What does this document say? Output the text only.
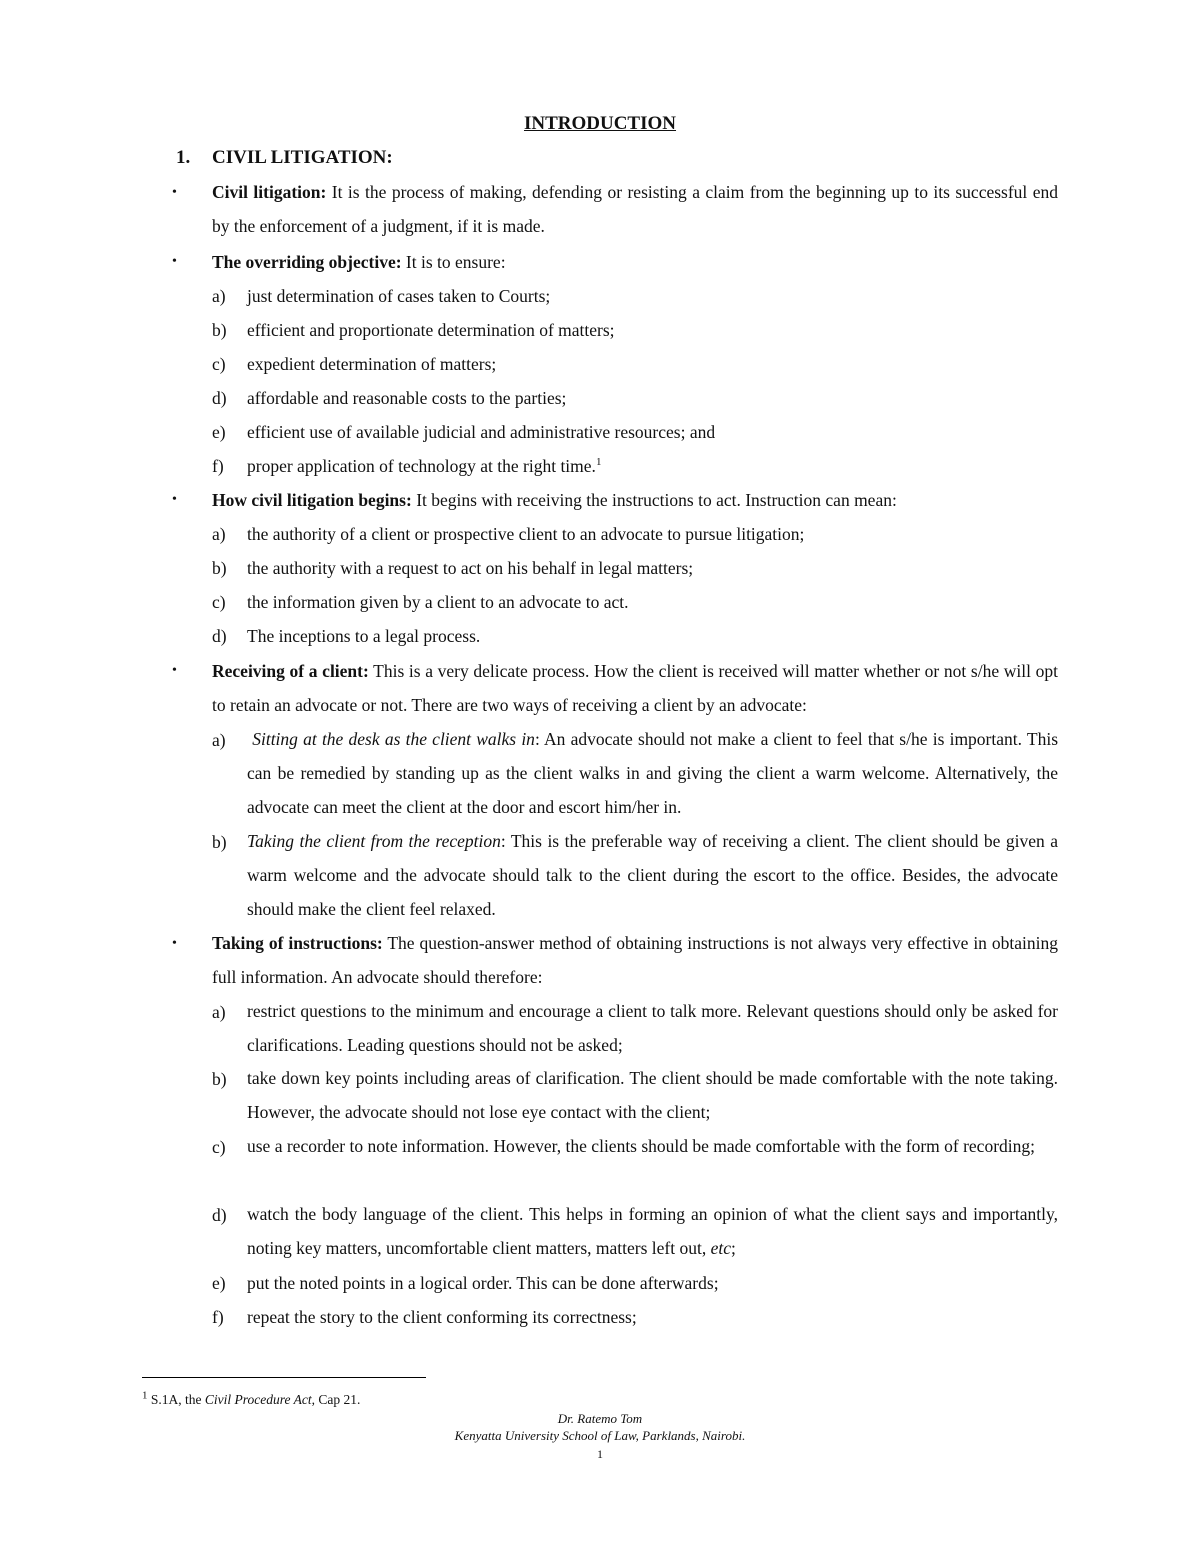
INTRODUCTION
1.	CIVIL LITIGATION:
• Civil litigation: It is the process of making, defending or resisting a claim from the beginning up to its successful end by the enforcement of a judgment, if it is made.
• The overriding objective: It is to ensure:
a) just determination of cases taken to Courts;
b) efficient and proportionate determination of matters;
c) expedient determination of matters;
d) affordable and reasonable costs to the parties;
e) efficient use of available judicial and administrative resources; and
f) proper application of technology at the right time.$^1$
• How civil litigation begins: It begins with receiving the instructions to act. Instruction can mean:
a) the authority of a client or prospective client to an advocate to pursue litigation;
b) the authority with a request to act on his behalf in legal matters;
c) the information given by a client to an advocate to act.
d) The inceptions to a legal process.
• Receiving of a client: This is a very delicate process. How the client is received will matter whether or not s/he will opt to retain an advocate or not. There are two ways of receiving a client by an advocate:
a) Sitting at the desk as the client walks in: An advocate should not make a client to feel that s/he is important. This can be remedied by standing up as the client walks in and giving the client a warm welcome. Alternatively, the advocate can meet the client at the door and escort him/her in.
b) Taking the client from the reception: This is the preferable way of receiving a client. The client should be given a warm welcome and the advocate should talk to the client during the escort to the office. Besides, the advocate should make the client feel relaxed.
• Taking of instructions: The question-answer method of obtaining instructions is not always very effective in obtaining full information. An advocate should therefore:
a) restrict questions to the minimum and encourage a client to talk more. Relevant questions should only be asked for clarifications. Leading questions should not be asked;
b) take down key points including areas of clarification. The client should be made comfortable with the note taking. However, the advocate should not lose eye contact with the client;
c) use a recorder to note information. However, the clients should be made comfortable with the form of recording;
d) watch the body language of the client. This helps in forming an opinion of what the client says and importantly, noting key matters, uncomfortable client matters, matters left out, etc;
e) put the noted points in a logical order. This can be done afterwards;
f) repeat the story to the client conforming its correctness;
$^1$ S.1A, the Civil Procedure Act, Cap 21.
Dr. Ratemo Tom
Kenyatta University School of Law, Parklands, Nairobi.
1
